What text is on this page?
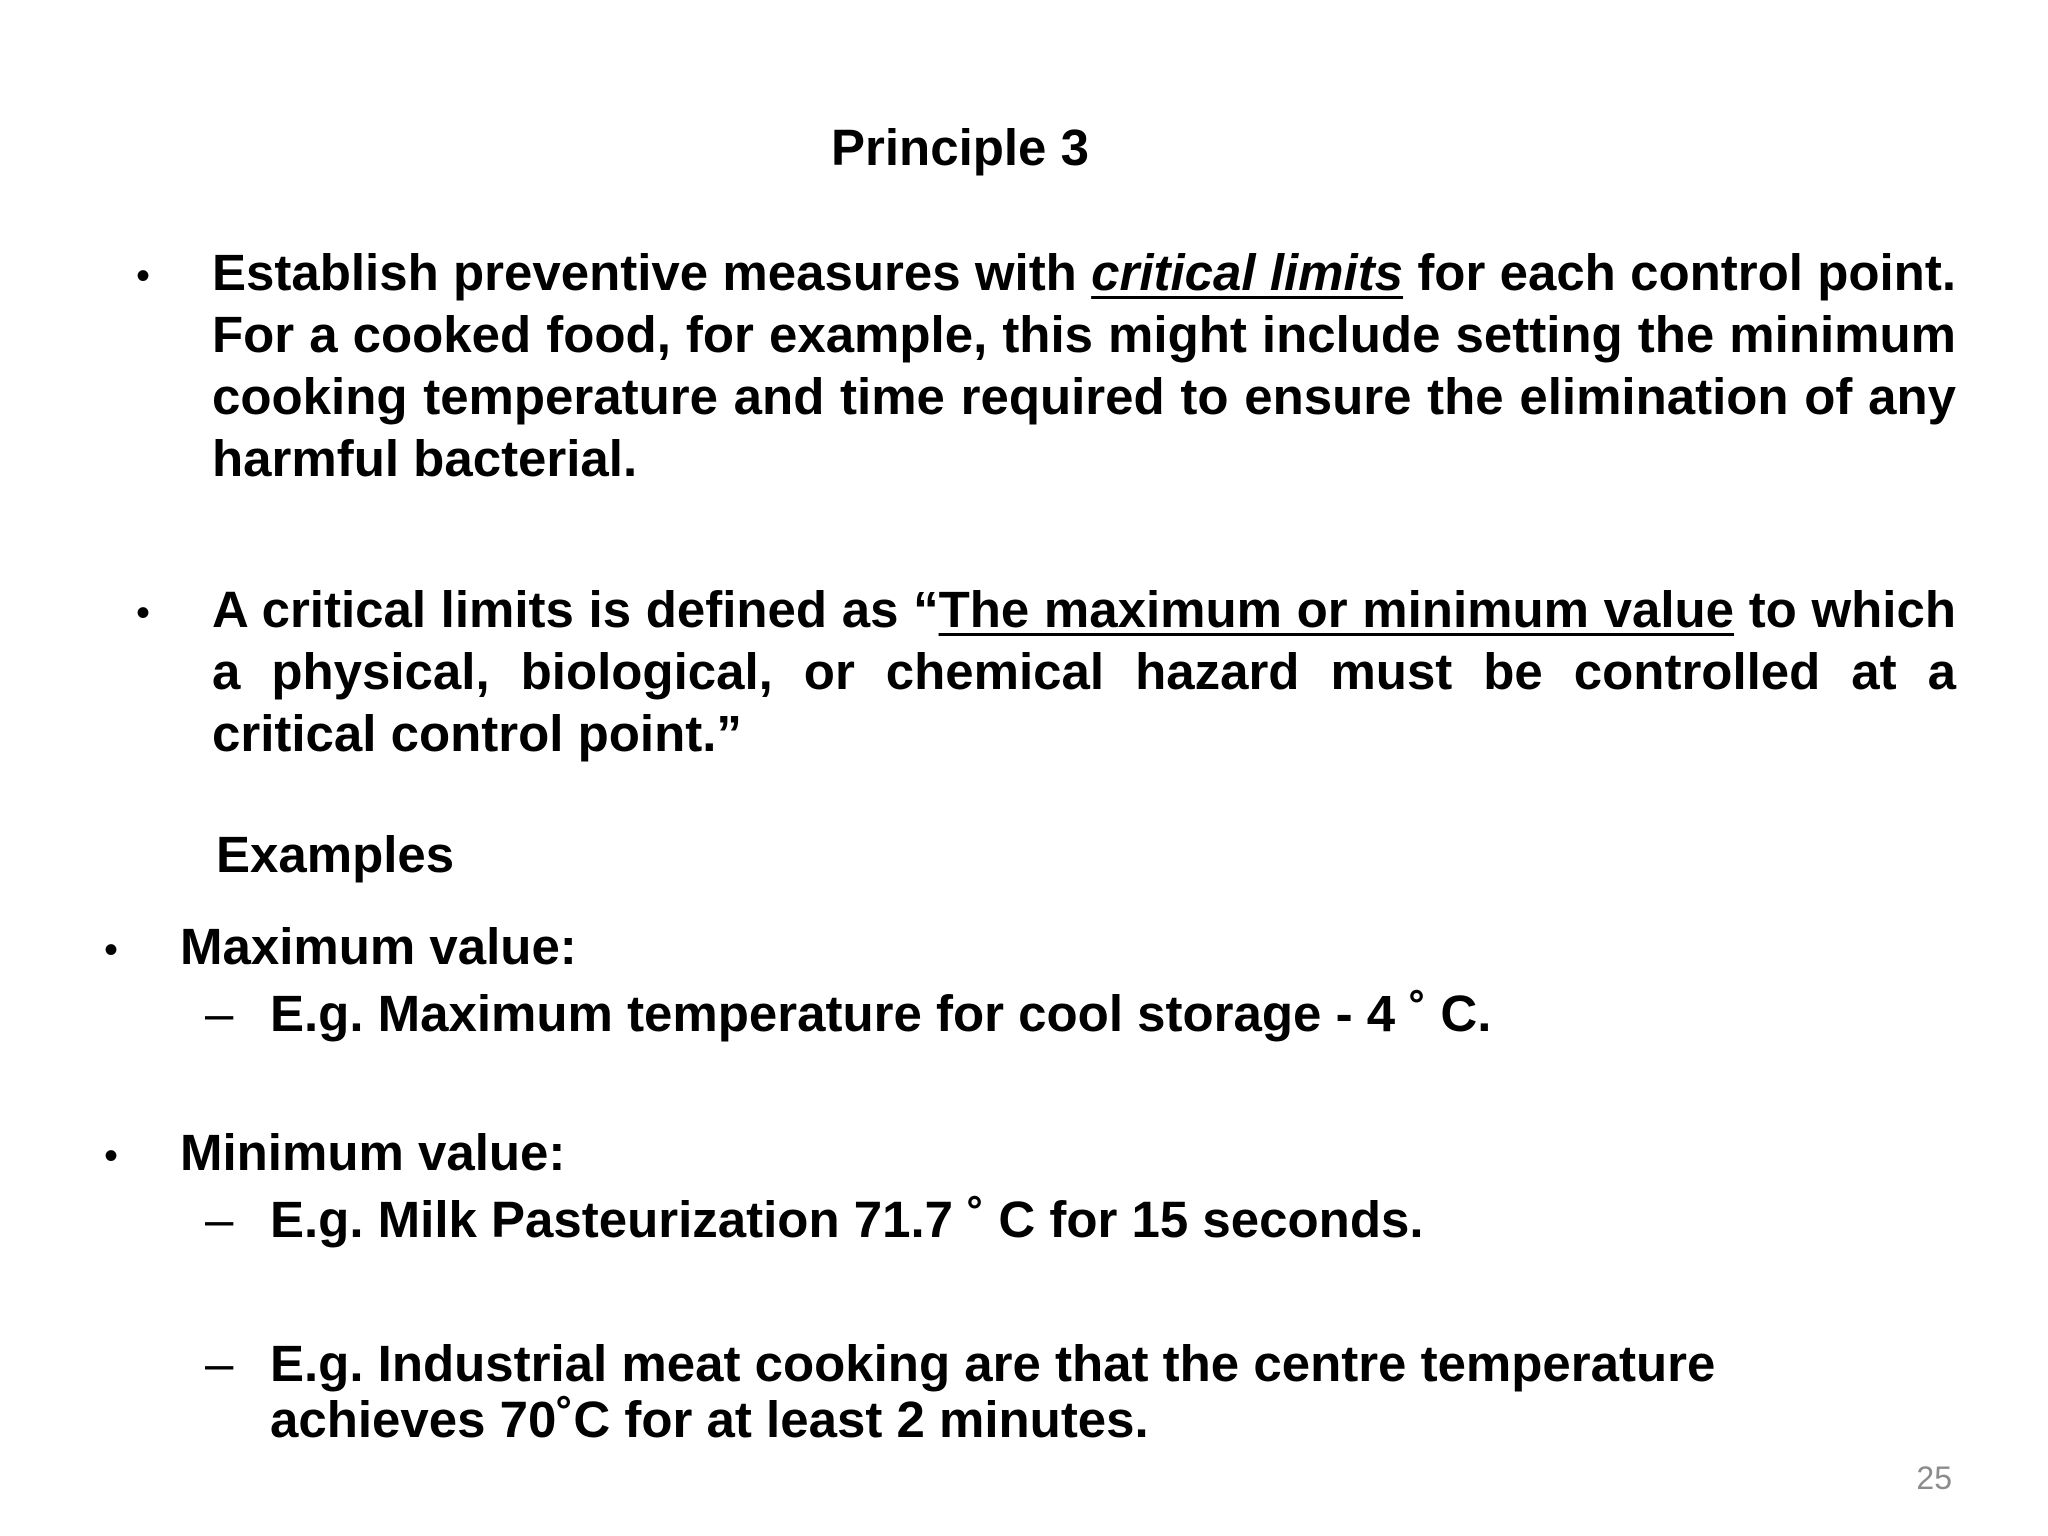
Principle 3
• Establish preventive measures with critical limits for each control point. For a cooked food, for example, this might include setting the minimum cooking temperature and time required to ensure the elimination of any harmful bacterial.
• A critical limits is defined as “The maximum or minimum value to which a physical, biological, or chemical hazard must be controlled at a critical control point.”
Examples
• Maximum value:
– E.g. Maximum temperature for cool storage - 4 ˚ C.
• Minimum value:
– E.g. Milk Pasteurization 71.7 ˚ C for 15 seconds.
– E.g. Industrial meat cooking are that the centre temperature
achieves 70˚C for at least 2 minutes.
25
